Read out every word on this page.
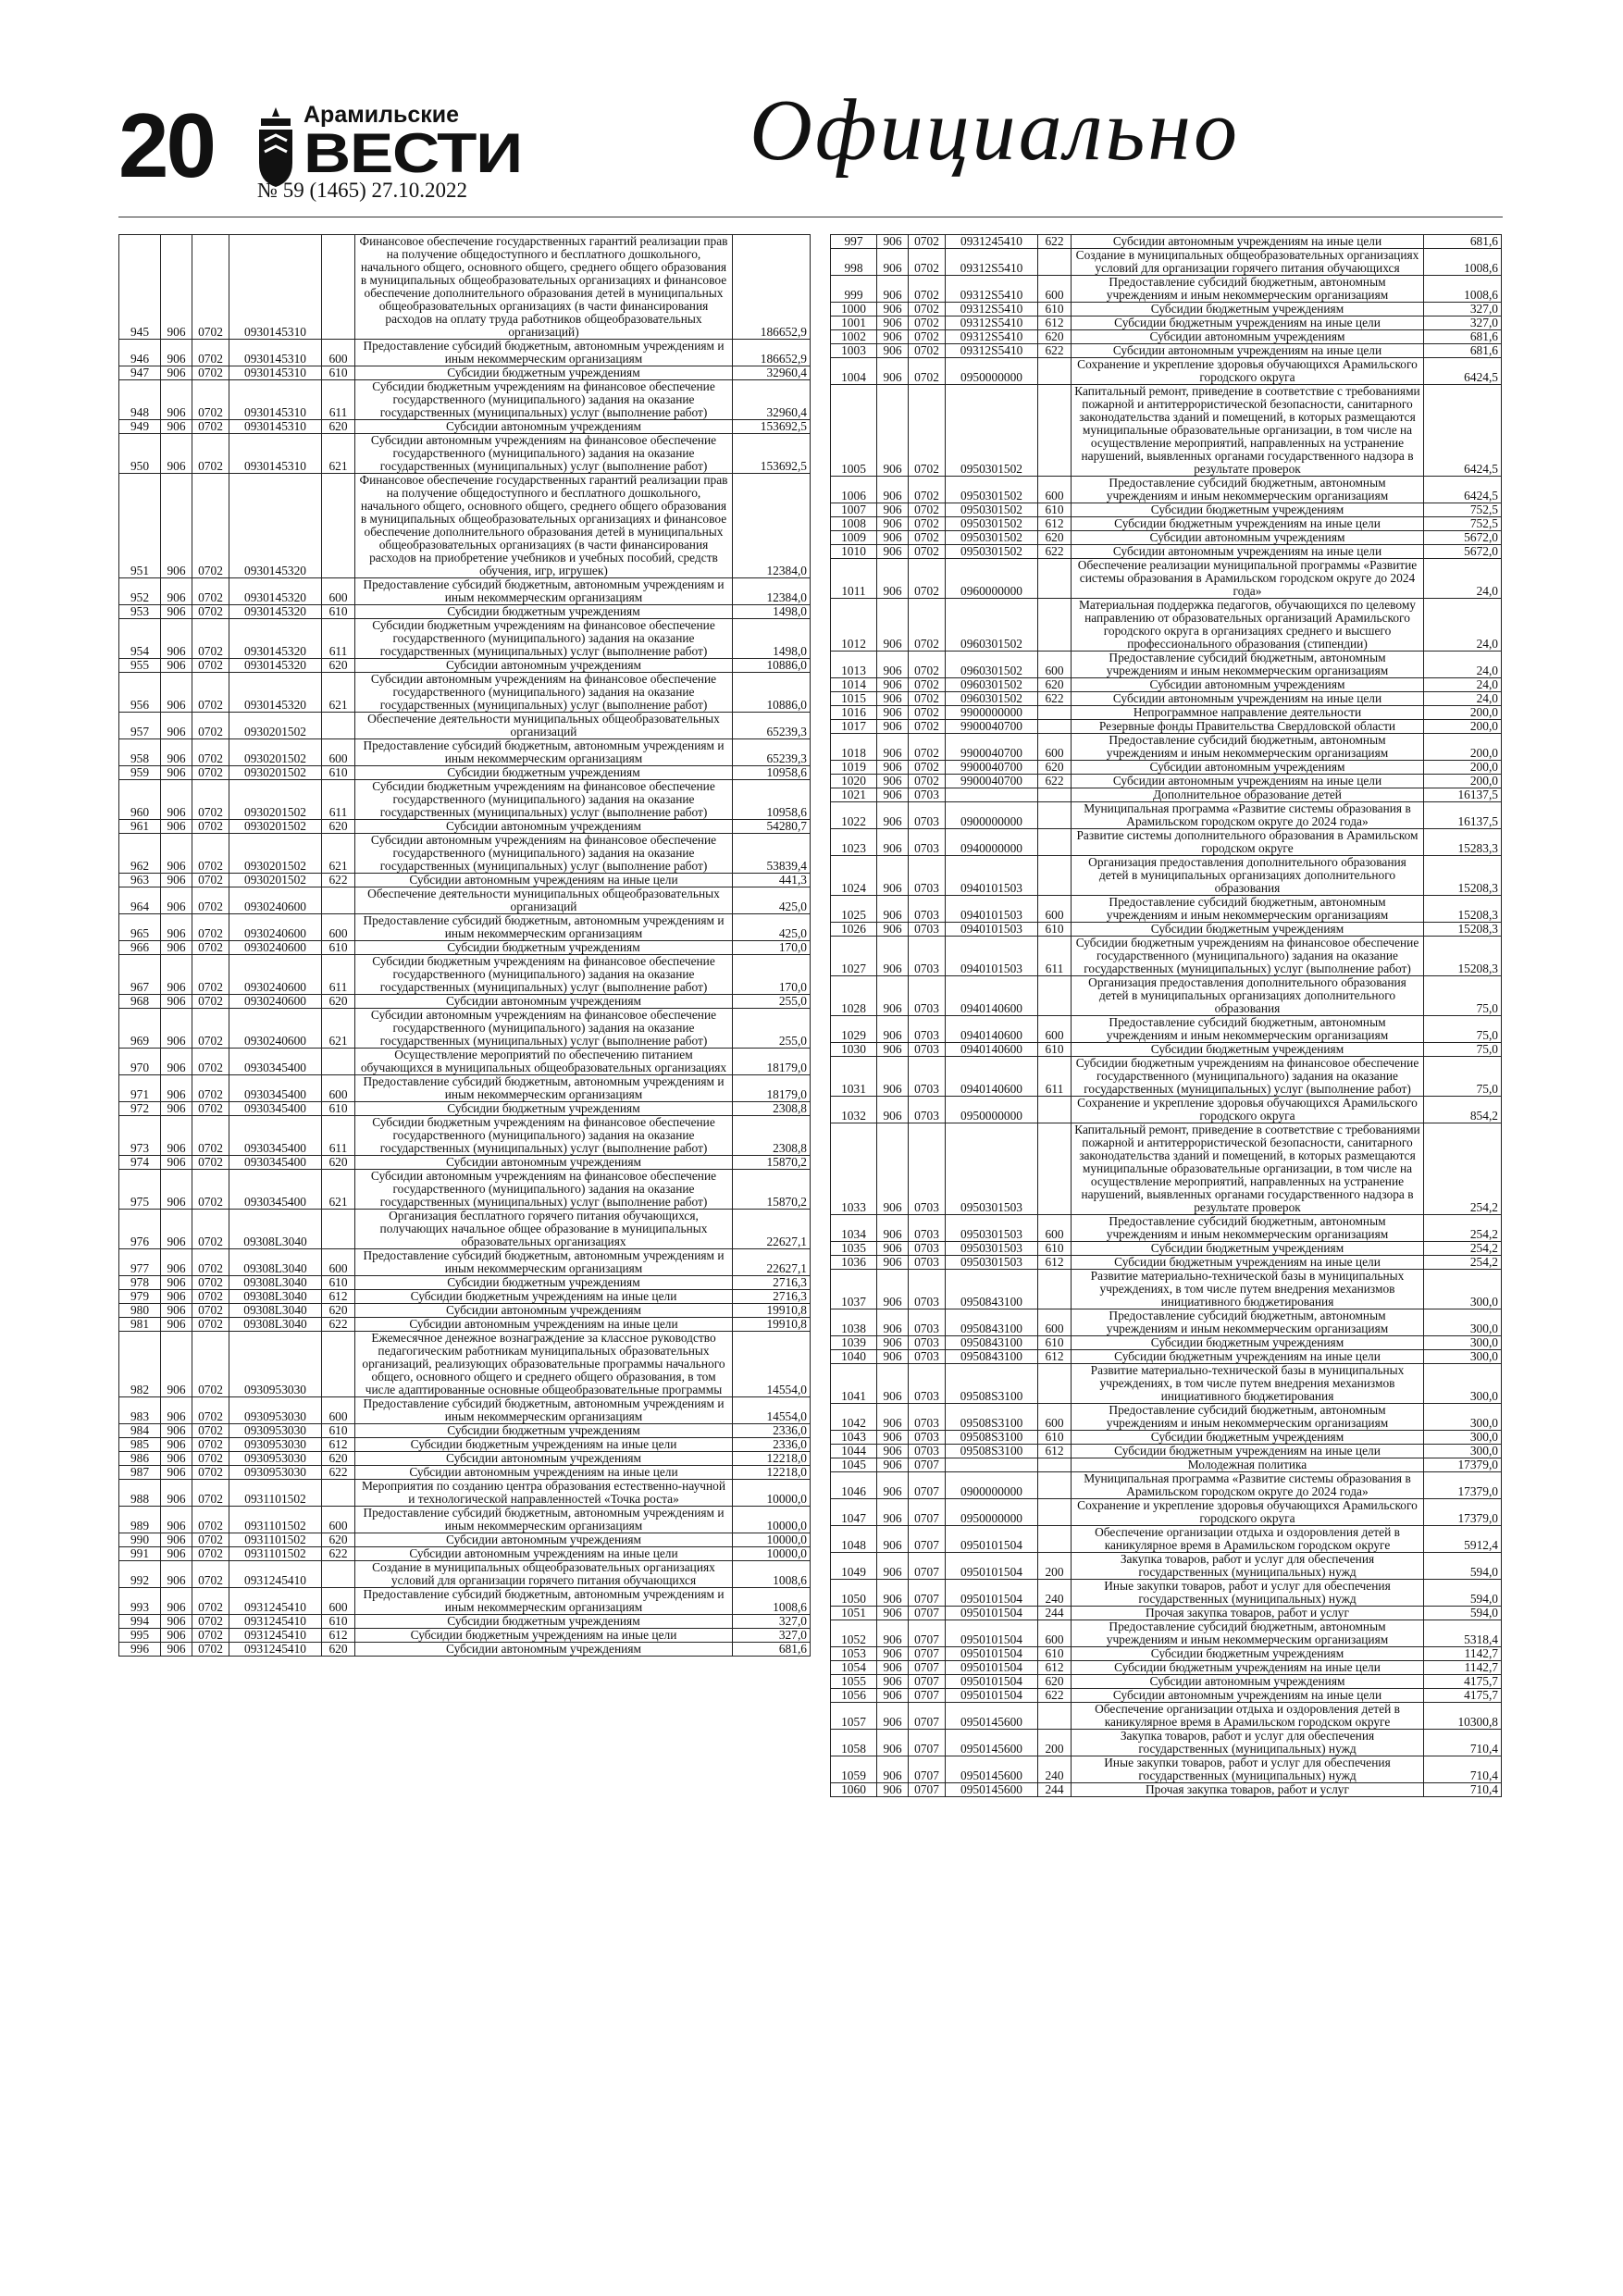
20	Арамильские
ВЕСТИ
№ 59 (1465) 27.10.2022
Официально
945	906	0702	0930145310		Финансовое обеспечение государственных гарантий реализации прав на получение общедоступного и бесплатного дошкольного, начального общего, основного общего, среднего общего образования в муниципальных общеобразовательных организациях и финансовое обеспечение дополнительного образования детей в муниципальных общеобразовательных организациях (в части финансирования расходов на оплату труда работников общеобразовательных организаций)	186652,9
946	906	0702	0930145310	600	Предоставление субсидий бюджетным, автономным учреждениям и иным некоммерческим организациям	186652,9
947	906	0702	0930145310	610	Субсидии бюджетным учреждениям	32960,4
948	906	0702	0930145310	611	Субсидии бюджетным учреждениям на финансовое обеспечение государственного (муниципального) задания на оказание государственных (муниципальных) услуг (выполнение работ)	32960,4
949	906	0702	0930145310	620	Субсидии автономным учреждениям	153692,5
950	906	0702	0930145310	621	Субсидии автономным учреждениям на финансовое обеспечение государственного (муниципального) задания на оказание государственных (муниципальных) услуг (выполнение работ)	153692,5
951	906	0702	0930145320		Финансовое обеспечение государственных гарантий реализации прав на получение общедоступного и бесплатного дошкольного, начального общего, основного общего, среднего общего образования в муниципальных общеобразовательных организациях и финансовое обеспечение дополнительного образования детей в муниципальных общеобразовательных организациях (в части финансирования расходов на приобретение учебников и учебных пособий, средств обучения, игр, игрушек)	12384,0
952	906	0702	0930145320	600	Предоставление субсидий бюджетным, автономным учреждениям и иным некоммерческим организациям	12384,0
953	906	0702	0930145320	610	Субсидии бюджетным учреждениям	1498,0
954	906	0702	0930145320	611	Субсидии бюджетным учреждениям на финансовое обеспечение государственного (муниципального) задания на оказание государственных (муниципальных) услуг (выполнение работ)	1498,0
955	906	0702	0930145320	620	Субсидии автономным учреждениям	10886,0
956	906	0702	0930145320	621	Субсидии автономным учреждениям на финансовое обеспечение государственного (муниципального) задания на оказание государственных (муниципальных) услуг (выполнение работ)	10886,0
957	906	0702	0930201502		Обеспечение деятельности муниципальных общеобразовательных организаций	65239,3
958	906	0702	0930201502	600	Предоставление субсидий бюджетным, автономным учреждениям и иным некоммерческим организациям	65239,3
959	906	0702	0930201502	610	Субсидии бюджетным учреждениям	10958,6
960	906	0702	0930201502	611	Субсидии бюджетным учреждениям на финансовое обеспечение государственного (муниципального) задания на оказание государственных (муниципальных) услуг (выполнение работ)	10958,6
961	906	0702	0930201502	620	Субсидии автономным учреждениям	54280,7
962	906	0702	0930201502	621	Субсидии автономным учреждениям на финансовое обеспечение государственного (муниципального) задания на оказание государственных (муниципальных) услуг (выполнение работ)	53839,4
963	906	0702	0930201502	622	Субсидии автономным учреждениям на иные цели	441,3
964	906	0702	0930240600		Обеспечение деятельности муниципальных общеобразовательных организаций	425,0
965	906	0702	0930240600	600	Предоставление субсидий бюджетным, автономным учреждениям и иным некоммерческим организациям	425,0
966	906	0702	0930240600	610	Субсидии бюджетным учреждениям	170,0
967	906	0702	0930240600	611	Субсидии бюджетным учреждениям на финансовое обеспечение государственного (муниципального) задания на оказание государственных (муниципальных) услуг (выполнение работ)	170,0
968	906	0702	0930240600	620	Субсидии автономным учреждениям	255,0
969	906	0702	0930240600	621	Субсидии автономным учреждениям на финансовое обеспечение государственного (муниципального) задания на оказание государственных (муниципальных) услуг (выполнение работ)	255,0
970	906	0702	0930345400		Осуществление мероприятий по обеспечению питанием обучающихся в муниципальных общеобразовательных организациях	18179,0
971	906	0702	0930345400	600	Предоставление субсидий бюджетным, автономным учреждениям и иным некоммерческим организациям	18179,0
972	906	0702	0930345400	610	Субсидии бюджетным учреждениям	2308,8
973	906	0702	0930345400	611	Субсидии бюджетным учреждениям на финансовое обеспечение государственного (муниципального) задания на оказание государственных (муниципальных) услуг (выполнение работ)	2308,8
974	906	0702	0930345400	620	Субсидии автономным учреждениям	15870,2
975	906	0702	0930345400	621	Субсидии автономным учреждениям на финансовое обеспечение государственного (муниципального) задания на оказание государственных (муниципальных) услуг (выполнение работ)	15870,2
976	906	0702	09308L3040		Организация бесплатного горячего питания обучающихся, получающих начальное общее образование в муниципальных образовательных организациях	22627,1
977	906	0702	09308L3040	600	Предоставление субсидий бюджетным, автономным учреждениям и иным некоммерческим организациям	22627,1
978	906	0702	09308L3040	610	Субсидии бюджетным учреждениям	2716,3
979	906	0702	09308L3040	612	Субсидии бюджетным учреждениям на иные цели	2716,3
980	906	0702	09308L3040	620	Субсидии автономным учреждениям	19910,8
981	906	0702	09308L3040	622	Субсидии автономным учреждениям на иные цели	19910,8
982	906	0702	0930953030		Ежемесячное денежное вознаграждение за классное руководство педагогическим работникам муниципальных образовательных организаций, реализующих образовательные программы начального общего, основного общего и среднего общего образования, в том числе адаптированные основные общеобразовательные программы	14554,0
983	906	0702	0930953030	600	Предоставление субсидий бюджетным, автономным учреждениям и иным некоммерческим организациям	14554,0
984	906	0702	0930953030	610	Субсидии бюджетным учреждениям	2336,0
985	906	0702	0930953030	612	Субсидии бюджетным учреждениям на иные цели	2336,0
986	906	0702	0930953030	620	Субсидии автономным учреждениям	12218,0
987	906	0702	0930953030	622	Субсидии автономным учреждениям на иные цели	12218,0
988	906	0702	0931101502		Мероприятия по созданию центра образования естественно-научной и технологической направленностей «Точка роста»	10000,0
989	906	0702	0931101502	600	Предоставление субсидий бюджетным, автономным учреждениям и иным некоммерческим организациям	10000,0
990	906	0702	0931101502	620	Субсидии автономным учреждениям	10000,0
991	906	0702	0931101502	622	Субсидии автономным учреждениям на иные цели	10000,0
992	906	0702	0931245410		Создание в муниципальных общеобразовательных организациях условий для организации горячего питания обучающихся	1008,6
993	906	0702	0931245410	600	Предоставление субсидий бюджетным, автономным учреждениям и иным некоммерческим организациям	1008,6
994	906	0702	0931245410	610	Субсидии бюджетным учреждениям	327,0
995	906	0702	0931245410	612	Субсидии бюджетным учреждениям на иные цели	327,0
996	906	0702	0931245410	620	Субсидии автономным учреждениям	681,6
997	906	0702	0931245410	622	Субсидии автономным учреждениям на иные цели	681,6
998	906	0702	09312S5410		Создание в муниципальных общеобразовательных организациях условий для организации горячего питания обучающихся	1008,6
999	906	0702	09312S5410	600	Предоставление субсидий бюджетным, автономным учреждениям и иным некоммерческим организациям	1008,6
1000	906	0702	09312S5410	610	Субсидии бюджетным учреждениям	327,0
1001	906	0702	09312S5410	612	Субсидии бюджетным учреждениям на иные цели	327,0
1002	906	0702	09312S5410	620	Субсидии автономным учреждениям	681,6
1003	906	0702	09312S5410	622	Субсидии автономным учреждениям на иные цели	681,6
1004	906	0702	0950000000		Сохранение и укрепление здоровья обучающихся Арамильского городского округа	6424,5
1005	906	0702	0950301502		Капитальный ремонт, приведение в соответствие с требованиями пожарной и антитеррористической безопасности, санитарного законодательства зданий и помещений, в которых размещаются муниципальные образовательные организации, в том числе на осуществление мероприятий, направленных на устранение нарушений, выявленных органами государственного надзора в результате проверок	6424,5
1006	906	0702	0950301502	600	Предоставление субсидий бюджетным, автономным учреждениям и иным некоммерческим организациям	6424,5
1007	906	0702	0950301502	610	Субсидии бюджетным учреждениям	752,5
1008	906	0702	0950301502	612	Субсидии бюджетным учреждениям на иные цели	752,5
1009	906	0702	0950301502	620	Субсидии автономным учреждениям	5672,0
1010	906	0702	0950301502	622	Субсидии автономным учреждениям на иные цели	5672,0
1011	906	0702	0960000000		Обеспечение реализации муниципальной программы «Развитие системы образования в Арамильском городском округе до 2024 года»	24,0
1012	906	0702	0960301502		Материальная поддержка педагогов, обучающихся по целевому направлению от образовательных организаций Арамильского городского округа в организациях среднего и высшего профессионального образования (стипендии)	24,0
1013	906	0702	0960301502	600	Предоставление субсидий бюджетным, автономным учреждениям и иным некоммерческим организациям	24,0
1014	906	0702	0960301502	620	Субсидии автономным учреждениям	24,0
1015	906	0702	0960301502	622	Субсидии автономным учреждениям на иные цели	24,0
1016	906	0702	9900000000		Непрограммное направление деятельности	200,0
1017	906	0702	9900040700		Резервные фонды Правительства Свердловской области	200,0
1018	906	0702	9900040700	600	Предоставление субсидий бюджетным, автономным учреждениям и иным некоммерческим организациям	200,0
1019	906	0702	9900040700	620	Субсидии автономным учреждениям	200,0
1020	906	0702	9900040700	622	Субсидии автономным учреждениям на иные цели	200,0
1021	906	0703			Дополнительное образование детей	16137,5
1022	906	0703	0900000000		Муниципальная программа «Развитие системы образования в Арамильском городском округе до 2024 года»	16137,5
1023	906	0703	0940000000		Развитие системы дополнительного образования в Арамильском городском округе	15283,3
1024	906	0703	0940101503		Организация предоставления дополнительного образования детей в муниципальных организациях дополнительного образования	15208,3
1025	906	0703	0940101503	600	Предоставление субсидий бюджетным, автономным учреждениям и иным некоммерческим организациям	15208,3
1026	906	0703	0940101503	610	Субсидии бюджетным учреждениям	15208,3
1027	906	0703	0940101503	611	Субсидии бюджетным учреждениям на финансовое обеспечение государственного (муниципального) задания на оказание государственных (муниципальных) услуг (выполнение работ)	15208,3
1028	906	0703	0940140600		Организация предоставления дополнительного образования детей в муниципальных организациях дополнительного образования	75,0
1029	906	0703	0940140600	600	Предоставление субсидий бюджетным, автономным учреждениям и иным некоммерческим организациям	75,0
1030	906	0703	0940140600	610	Субсидии бюджетным учреждениям	75,0
1031	906	0703	0940140600	611	Субсидии бюджетным учреждениям на финансовое обеспечение государственного (муниципального) задания на оказание государственных (муниципальных) услуг (выполнение работ)	75,0
1032	906	0703	0950000000		Сохранение и укрепление здоровья обучающихся Арамильского городского округа	854,2
1033	906	0703	0950301503		Капитальный ремонт, приведение в соответствие с требованиями пожарной и антитеррористической безопасности, санитарного законодательства зданий и помещений, в которых размещаются муниципальные образовательные организации, в том числе на осуществление мероприятий, направленных на устранение нарушений, выявленных органами государственного надзора в результате проверок	254,2
1034	906	0703	0950301503	600	Предоставление субсидий бюджетным, автономным учреждениям и иным некоммерческим организациям	254,2
1035	906	0703	0950301503	610	Субсидии бюджетным учреждениям	254,2
1036	906	0703	0950301503	612	Субсидии бюджетным учреждениям на иные цели	254,2
1037	906	0703	0950843100		Развитие материально-технической базы в муниципальных учреждениях, в том числе путем внедрения механизмов инициативного бюджетирования	300,0
1038	906	0703	0950843100	600	Предоставление субсидий бюджетным, автономным учреждениям и иным некоммерческим организациям	300,0
1039	906	0703	0950843100	610	Субсидии бюджетным учреждениям	300,0
1040	906	0703	0950843100	612	Субсидии бюджетным учреждениям на иные цели	300,0
1041	906	0703	09508S3100		Развитие материально-технической базы в муниципальных учреждениях, в том числе путем внедрения механизмов инициативного бюджетирования	300,0
1042	906	0703	09508S3100	600	Предоставление субсидий бюджетным, автономным учреждениям и иным некоммерческим организациям	300,0
1043	906	0703	09508S3100	610	Субсидии бюджетным учреждениям	300,0
1044	906	0703	09508S3100	612	Субсидии бюджетным учреждениям на иные цели	300,0
1045	906	0707			Молодежная политика	17379,0
1046	906	0707	0900000000		Муниципальная программа «Развитие системы образования в Арамильском городском округе до 2024 года»	17379,0
1047	906	0707	0950000000		Сохранение и укрепление здоровья обучающихся Арамильского городского округа	17379,0
1048	906	0707	0950101504		Обеспечение организации отдыха и оздоровления детей в каникулярное время в Арамильском городском округе	5912,4
1049	906	0707	0950101504	200	Закупка товаров, работ и услуг для обеспечения государственных (муниципальных) нужд	594,0
1050	906	0707	0950101504	240	Иные закупки товаров, работ и услуг для обеспечения государственных (муниципальных) нужд	594,0
1051	906	0707	0950101504	244	Прочая закупка товаров, работ и услуг	594,0
1052	906	0707	0950101504	600	Предоставление субсидий бюджетным, автономным учреждениям и иным некоммерческим организациям	5318,4
1053	906	0707	0950101504	610	Субсидии бюджетным учреждениям	1142,7
1054	906	0707	0950101504	612	Субсидии бюджетным учреждениям на иные цели	1142,7
1055	906	0707	0950101504	620	Субсидии автономным учреждениям	4175,7
1056	906	0707	0950101504	622	Субсидии автономным учреждениям на иные цели	4175,7
1057	906	0707	0950145600		Обеспечение организации отдыха и оздоровления детей в каникулярное время в Арамильском городском округе	10300,8
1058	906	0707	0950145600	200	Закупка товаров, работ и услуг для обеспечения государственных (муниципальных) нужд	710,4
1059	906	0707	0950145600	240	Иные закупки товаров, работ и услуг для обеспечения государственных (муниципальных) нужд	710,4
1060	906	0707	0950145600	244	Прочая закупка товаров, работ и услуг	710,4
